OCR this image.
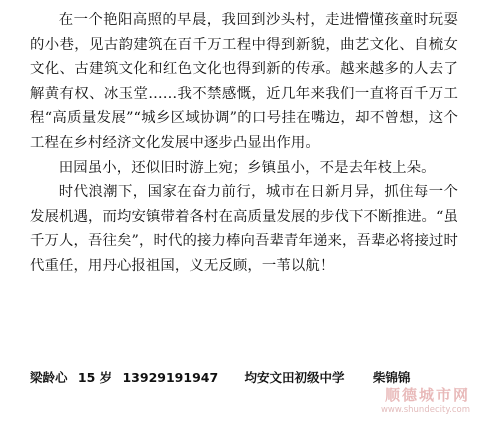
在一个艳阳高照的早晨，我回到沙头村，走进懵懂孩童时玩耍的小巷，见古韵建筑在百千万工程中得到新貌，曲艺文化、自梳女文化、古建筑文化和红色文化也得到新的传承。越来越多的人去了解黄有权、冰玉堂……我不禁感慨，近几年来我们一直将百千万工程“高质量发展”“城乡区域协调”的口号挂在嘴边，却不曾想，这个工程在乡村经济文化发展中逐步凸显出作用。

田园虽小，还似旧时游上宛；乡镇虽小，不是去年枝上朵。

时代浪潮下，国家在奋力前行，城市在日新月异，抓住每一个发展机遇，而均安镇带着各村在高质量发展的步伐下不断推进。“虽千万人，吾往矣”，时代的接力棒向吾辈青年递来，吾辈必将接过时代重任，用丹心报祖国，义无反顾，一苇以航！

梁龄心 15 岁 13929191947 均安文田初级中学 柴锦锦
顺德城市网
www.shundecity.com
